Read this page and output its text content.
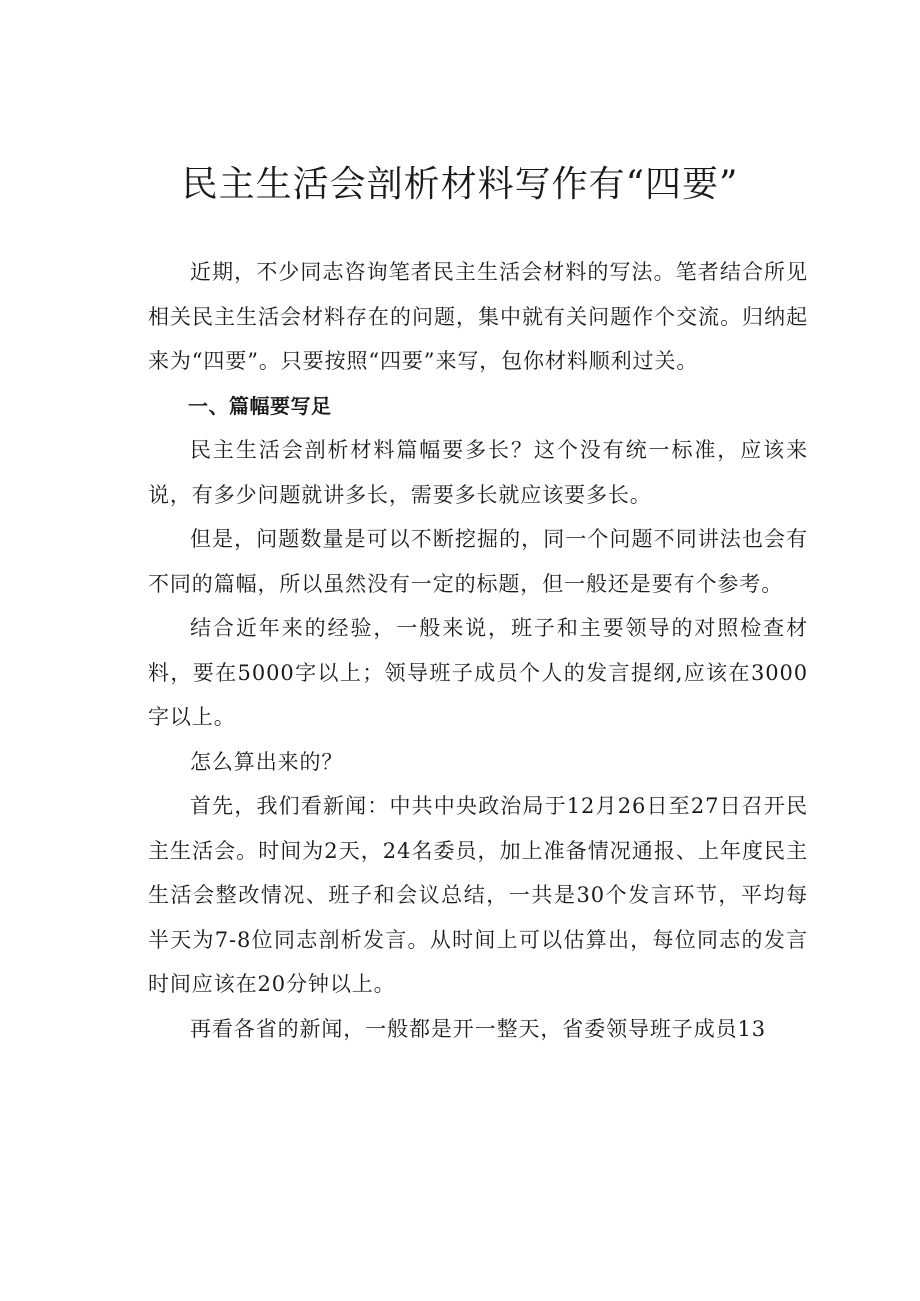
民主生活会剖析材料写作有“四要”

近期，不少同志咨询笔者民主生活会材料的写法。笔者结合所见相关民主生活会材料存在的问题，集中就有关问题作个交流。归纳起来为“四要”。只要按照“四要”来写，包你材料顺利过关。

一、篇幅要写足

民主生活会剖析材料篇幅要多长？这个没有统一标准，应该来说，有多少问题就讲多长，需要多长就应该要多长。

但是，问题数量是可以不断挖掘的，同一个问题不同讲法也会有不同的篇幅，所以虽然没有一定的标题，但一般还是要有个参考。

结合近年来的经验，一般来说，班子和主要领导的对照检查材料，要在5000字以上；领导班子成员个人的发言提纲,应该在3000字以上。

怎么算出来的？

首先，我们看新闻：中共中央政治局于12月26日至27日召开民主生活会。时间为2天，24名委员，加上准备情况通报、上年度民主生活会整改情况、班子和会议总结，一共是30个发言环节，平均每半天为7-8位同志剖析发言。从时间上可以估算出，每位同志的发言时间应该在20分钟以上。

再看各省的新闻，一般都是开一整天，省委领导班子成员13
